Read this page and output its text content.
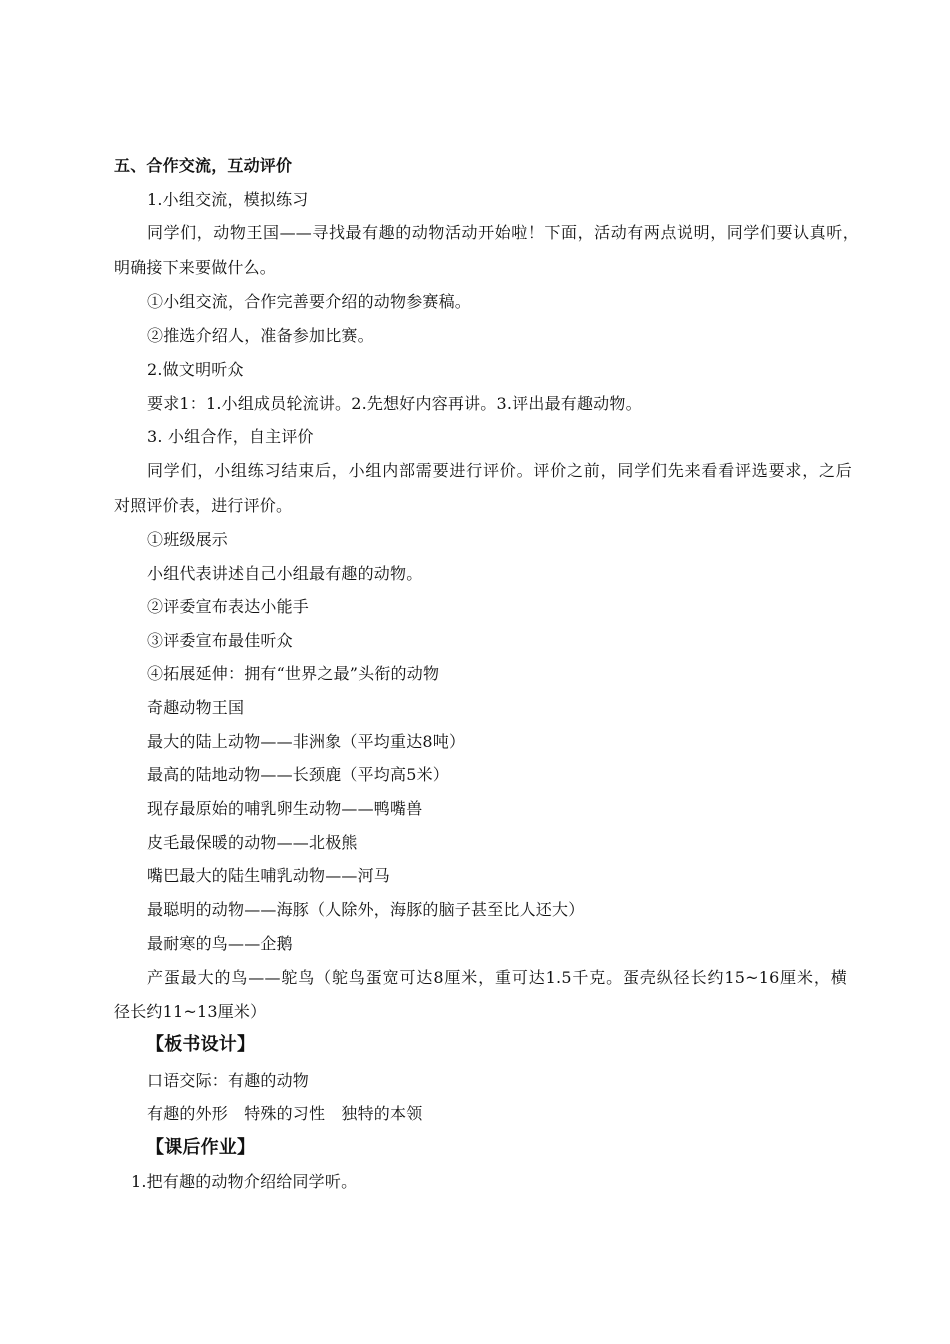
五、合作交流，互动评价
1.小组交流，模拟练习
同学们，动物王国——寻找最有趣的动物活动开始啦！下面，活动有两点说明，同学们要认真听，
明确接下来要做什么。
①小组交流，合作完善要介绍的动物参赛稿。
②推选介绍人，准备参加比赛。
2.做文明听众
要求1：1.小组成员轮流讲。2.先想好内容再讲。3.评出最有趣动物。
3. 小组合作，自主评价
同学们，小组练习结束后，小组内部需要进行评价。评价之前，同学们先来看看评选要求，之后
对照评价表，进行评价。
①班级展示
小组代表讲述自己小组最有趣的动物。
②评委宣布表达小能手
③评委宣布最佳听众
④拓展延伸：拥有“世界之最”头衔的动物
奇趣动物王国
最大的陆上动物——非洲象（平均重达8吨）
最高的陆地动物——长颈鹿（平均高5米）
现存最原始的哺乳卵生动物——鸭嘴兽
皮毛最保暖的动物——北极熊
嘴巴最大的陆生哺乳动物——河马
最聪明的动物——海豚（人除外，海豚的脑子甚至比人还大）
最耐寒的鸟——企鹅
产蛋最大的鸟——鸵鸟（鸵鸟蛋宽可达8厘米，重可达1.5千克。蛋壳纵径长约15~16厘米，横
径长约11~13厘米）
【板书设计】
口语交际：有趣的动物
有趣的外形　特殊的习性　独特的本领
【课后作业】
1.把有趣的动物介绍给同学听。
